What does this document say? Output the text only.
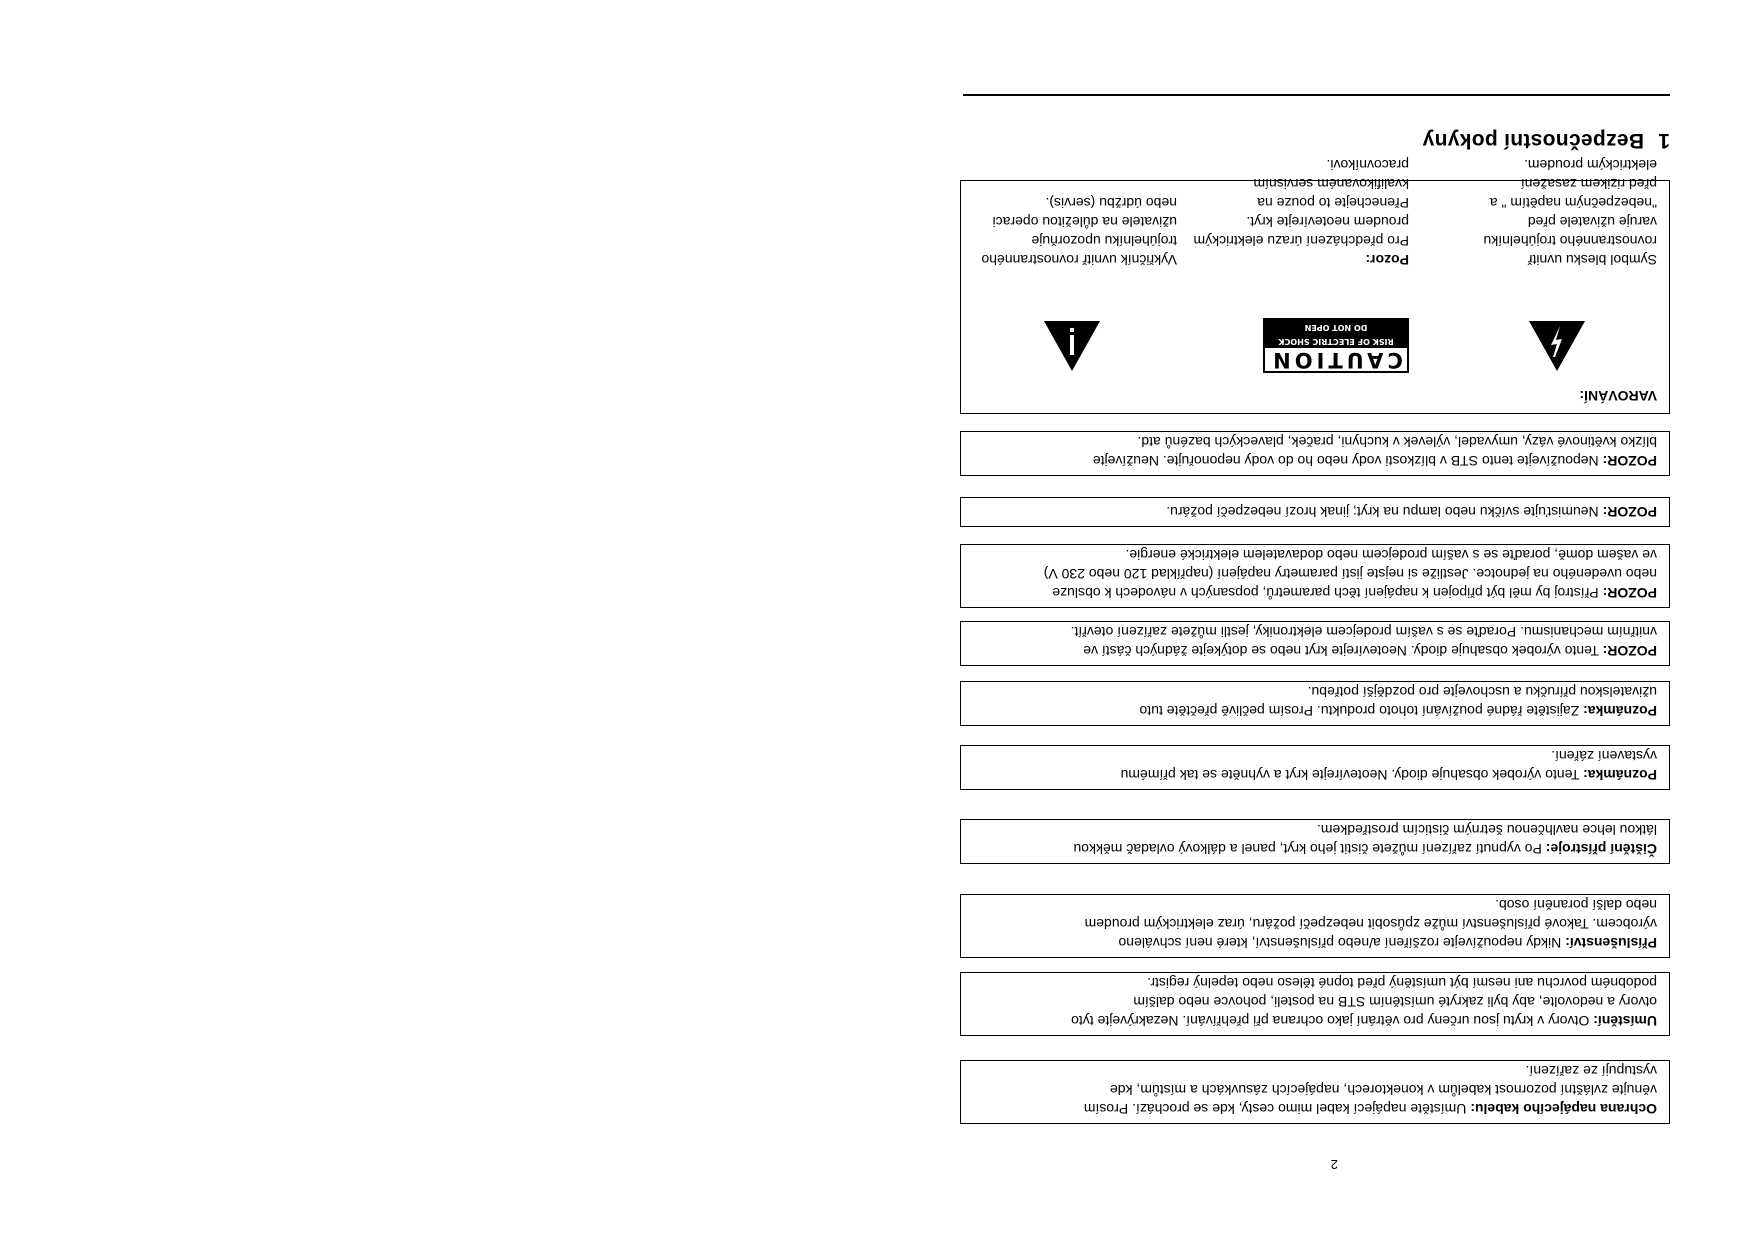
1Bezpečnostní pokyny

VAROVÁNÍ:

Symbol blesku uvnitř
rovnostranného trojúhelníku
varuje uživatele před
"nebezpečným napětím " a
před rizikem zasažení
elektrickým proudem.
CAUTION
RISK OF ELECTRIC SHOCK
DO NOT OPEN
Pozor:
Pro předcházení úrazu elektrickým
proudem neotevírejte kryt.
Přenechejte to pouze na
kvalifikovaném servisním
pracovníkovi.
Vykřičník uvnitř rovnostranného
trojúhelníku upozorňuje
uživatele na důležitou operaci
nebo údržbu (servis).
POZOR: Nepoužívejte tento STB v blízkosti vody nebo ho do vody neponořujte. Neužívejte
blízko květinové vázy, umyvadel, výlevek v kuchyni, praček, plaveckých bazénů atd.
POZOR: Neumisťujte svíčku nebo lampu na kryt; jinak hrozí nebezpečí požáru.
POZOR: Přístroj by měl být připojen k napájení těch parametrů, popsaných v návodech k obsluze
nebo uvedeného na jednotce. Jestliže si nejste jistí parametry napájení (například 120 nebo 230 V)
ve vašem domě, poraďte se s vaším prodejcem nebo dodavatelem elektrické energie.
POZOR: Tento výrobek obsahuje diody. Neotevírejte kryt nebo se dotýkejte žádných částí ve
vnitřním mechanismu. Poraďte se s vaším prodejcem elektroniky, jestli můžete zařízení otevřít.
Poznámka: Zajistěte řádné používání tohoto produktu. Prosím pečlivě přečtěte tuto
uživatelskou příručku a uschovejte pro pozdější potřebu.
Poznámka: Tento výrobek obsahuje diody. Neotevírejte kryt a vyhněte se tak přímému
vystavení záření.
Čištění přístroje: Po vypnutí zařízení můžete čistit jeho kryt, panel a dálkový ovladač měkkou
látkou lehce navlhčenou šetrným čisticím prostředkem.
Příslušenství: Nikdy nepoužívejte rozšíření a/nebo příslušenství, které není schváleno
výrobcem. Takové příslušenství může způsobit nebezpečí požáru, úraz elektrickým proudem
nebo další poranění osob.
Umístění: Otvory v krytu jsou určeny pro větrání jako ochrana při přehřívání. Nezakrývejte tyto
otvory a nedovolte, aby byli zakryté umístěním STB na posteli, pohovce nebo dalším
podobném povrchu ani nesmí být umístěný před topné těleso nebo tepelný registr.
Ochrana napájecího kabelu: Umístěte napájecí kabel mimo cesty, kde se prochází. Prosím
věnujte zvláštní pozornost kabelům v konektorech, napájecích zásuvkách a místům, kde
vystupují ze zařízení.
2
